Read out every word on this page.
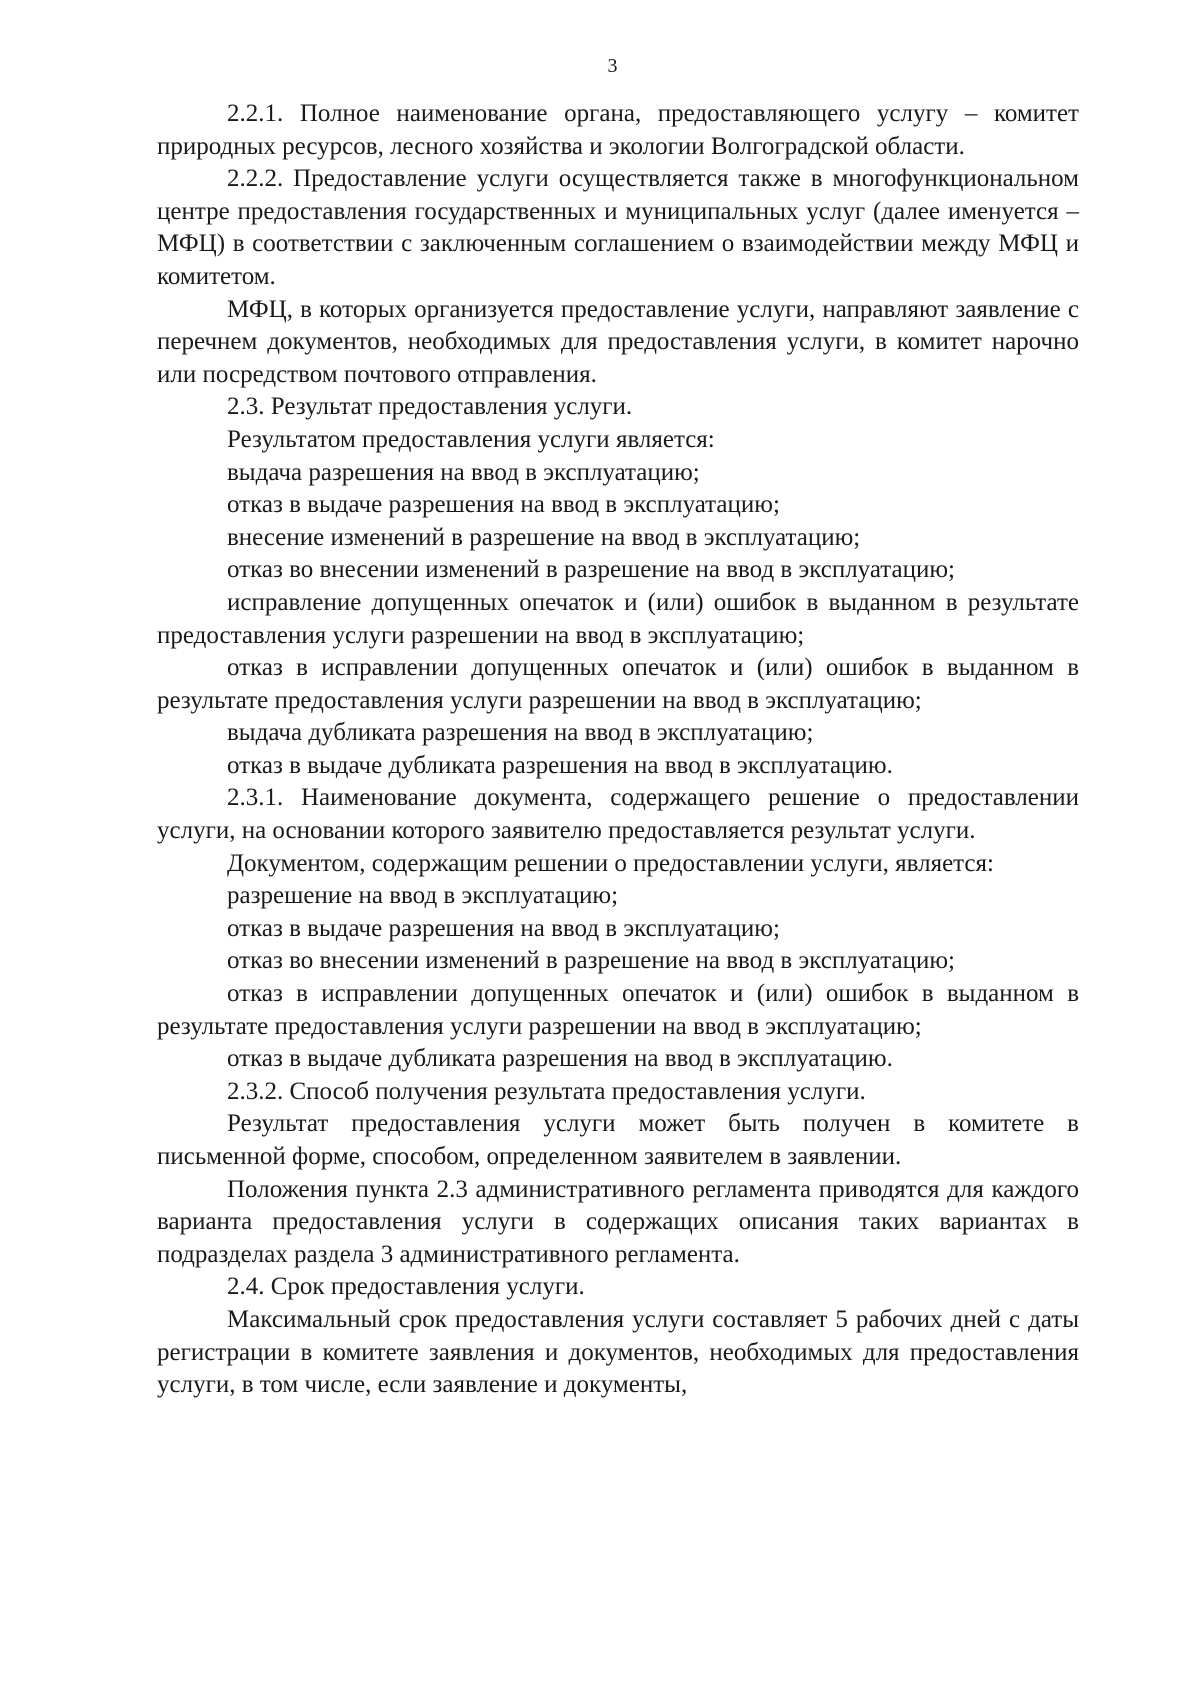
3

2.2.1. Полное наименование органа, предоставляющего услугу – комитет природных ресурсов, лесного хозяйства и экологии Волгоградской области.

2.2.2. Предоставление услуги осуществляется также в многофункциональном центре предоставления государственных и муниципальных услуг (далее именуется – МФЦ) в соответствии с заключенным соглашением о взаимодействии между МФЦ и комитетом.

МФЦ, в которых организуется предоставление услуги, направляют заявление с перечнем документов, необходимых для предоставления услуги, в комитет нарочно или посредством почтового отправления.

2.3. Результат предоставления услуги.

Результатом предоставления услуги является:

выдача разрешения на ввод в эксплуатацию;

отказ в выдаче разрешения на ввод в эксплуатацию;

внесение изменений в разрешение на ввод в эксплуатацию;

отказ во внесении изменений в разрешение на ввод в эксплуатацию;

исправление допущенных опечаток и (или) ошибок в выданном в результате предоставления услуги разрешении на ввод в эксплуатацию;

отказ в исправлении допущенных опечаток и (или) ошибок в выданном в результате предоставления услуги разрешении на ввод в эксплуатацию;

выдача дубликата разрешения на ввод в эксплуатацию;

отказ в выдаче дубликата разрешения на ввод в эксплуатацию.

2.3.1. Наименование документа, содержащего решение о предоставлении услуги, на основании которого заявителю предоставляется результат услуги.

Документом, содержащим решении о предоставлении услуги, является:

разрешение на ввод в эксплуатацию;

отказ в выдаче разрешения на ввод в эксплуатацию;

отказ во внесении изменений в разрешение на ввод в эксплуатацию;

отказ в исправлении допущенных опечаток и (или) ошибок в выданном в результате предоставления услуги разрешении на ввод в эксплуатацию;

отказ в выдаче дубликата разрешения на ввод в эксплуатацию.

2.3.2. Способ получения результата предоставления услуги.

Результат предоставления услуги может быть получен в комитете в письменной форме, способом, определенном заявителем в заявлении.

Положения пункта 2.3 административного регламента приводятся для каждого варианта предоставления услуги в содержащих описания таких вариантах в подразделах раздела 3 административного регламента.

2.4. Срок предоставления услуги.

Максимальный срок предоставления услуги составляет 5 рабочих дней с даты регистрации в комитете заявления и документов, необходимых для предоставления услуги, в том числе, если заявление и документы,
